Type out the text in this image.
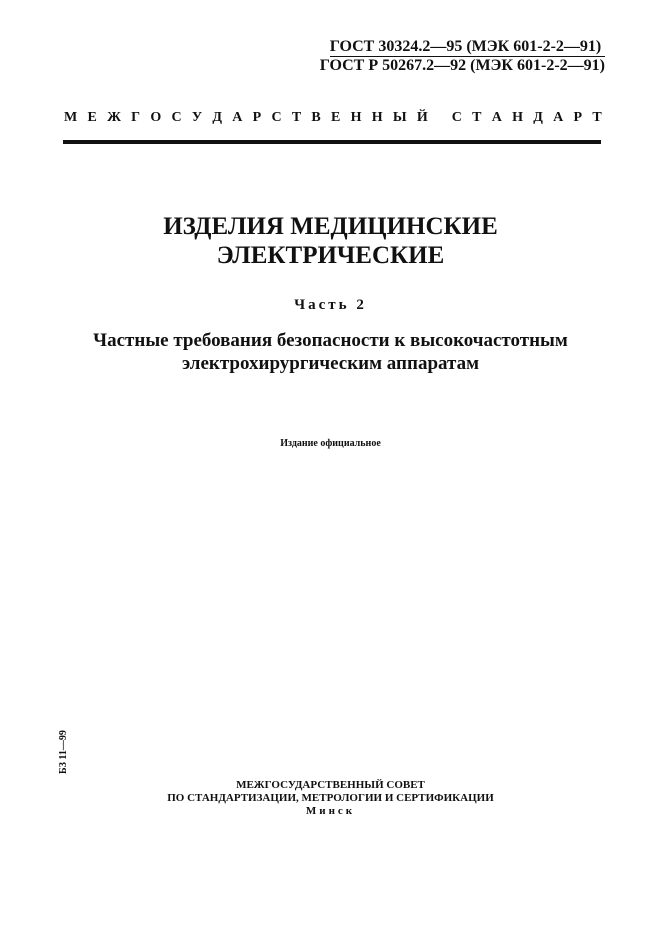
ГОСТ 30324.2—95 (МЭК 601-2-2—91)
ГОСТ Р 50267.2—92 (МЭК 601-2-2—91)
М Е Ж Г О С У Д А Р С Т В Е Н Н Ы Й
С Т А Н Д А Р Т
ИЗДЕЛИЯ МЕДИЦИНСКИЕ
ЭЛЕКТРИЧЕСКИЕ
Часть 2
Частные требования безопасности к высокочастотным
электрохирургическим аппаратам
Издание официальное
БЗ 11—99
МЕЖГОСУДАРСТВЕННЫЙ СОВЕТ
ПО СТАНДАРТИЗАЦИИ, МЕТРОЛОГИИ И СЕРТИФИКАЦИИ
Минск
